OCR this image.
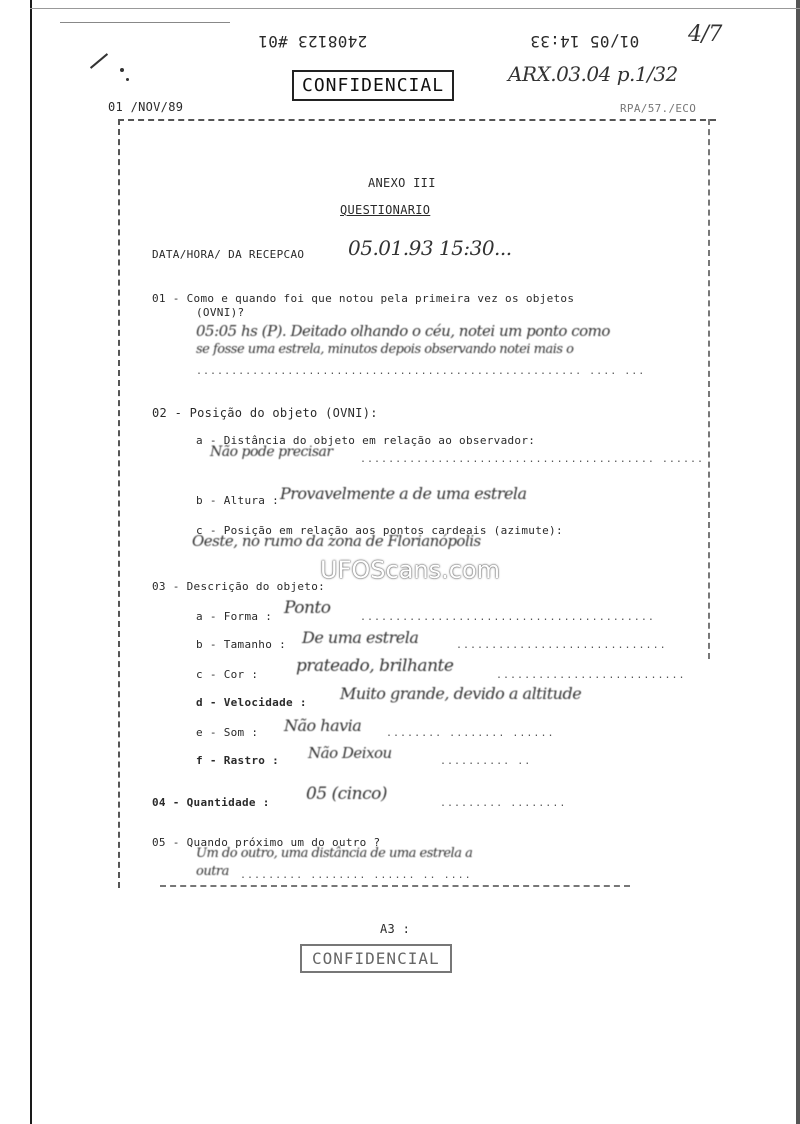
2408123 #01	01/05 14:33 4/7
CONFIDENCIAL	ARX.03.04 p.1/32
01 /NOV/89	RPA/57./ECO
ANEXO III
QUESTIONARIO
DATA/HORA/ DA RECEPCAO 05.01.93 15:30...
01 - Como e quando foi que notou pela primeira vez os objetos
(OVNI)?
05:05 hs (P). Deitado olhando o céu, notei um ponto como
se fosse uma estrela, minutos depois observando notei mais o
....................................................... .... ...
02 - Posição do objeto (OVNI):
a - Distância do objeto em relação ao observador:
Não pode precisar	.......................................... ......
b - Altura : Provavelmente a de uma estrela
c - Posição em relação aos pontos cardeais (azimute):
Oeste, no rumo da zona de Florianópolis
UFOScans.com
03 - Descrição do objeto:
a - Forma : Ponto	..........................................
b - Tamanho : De uma estrela	..............................
c - Cor : prateado, brilhante	...........................
d - Velocidade : Muito grande, devido a altitude
e - Som : Não havia ........ ........ ......
f - Rastro : Não Deixou	.......... ..
04 - Quantidade : 05 (cinco)	......... ........
05 - Quando próximo um do outro ?
Um do outro, uma distância de uma estrela a
outra ......... ........ ...... .. ....
A3 :
CONFIDENCIAL
